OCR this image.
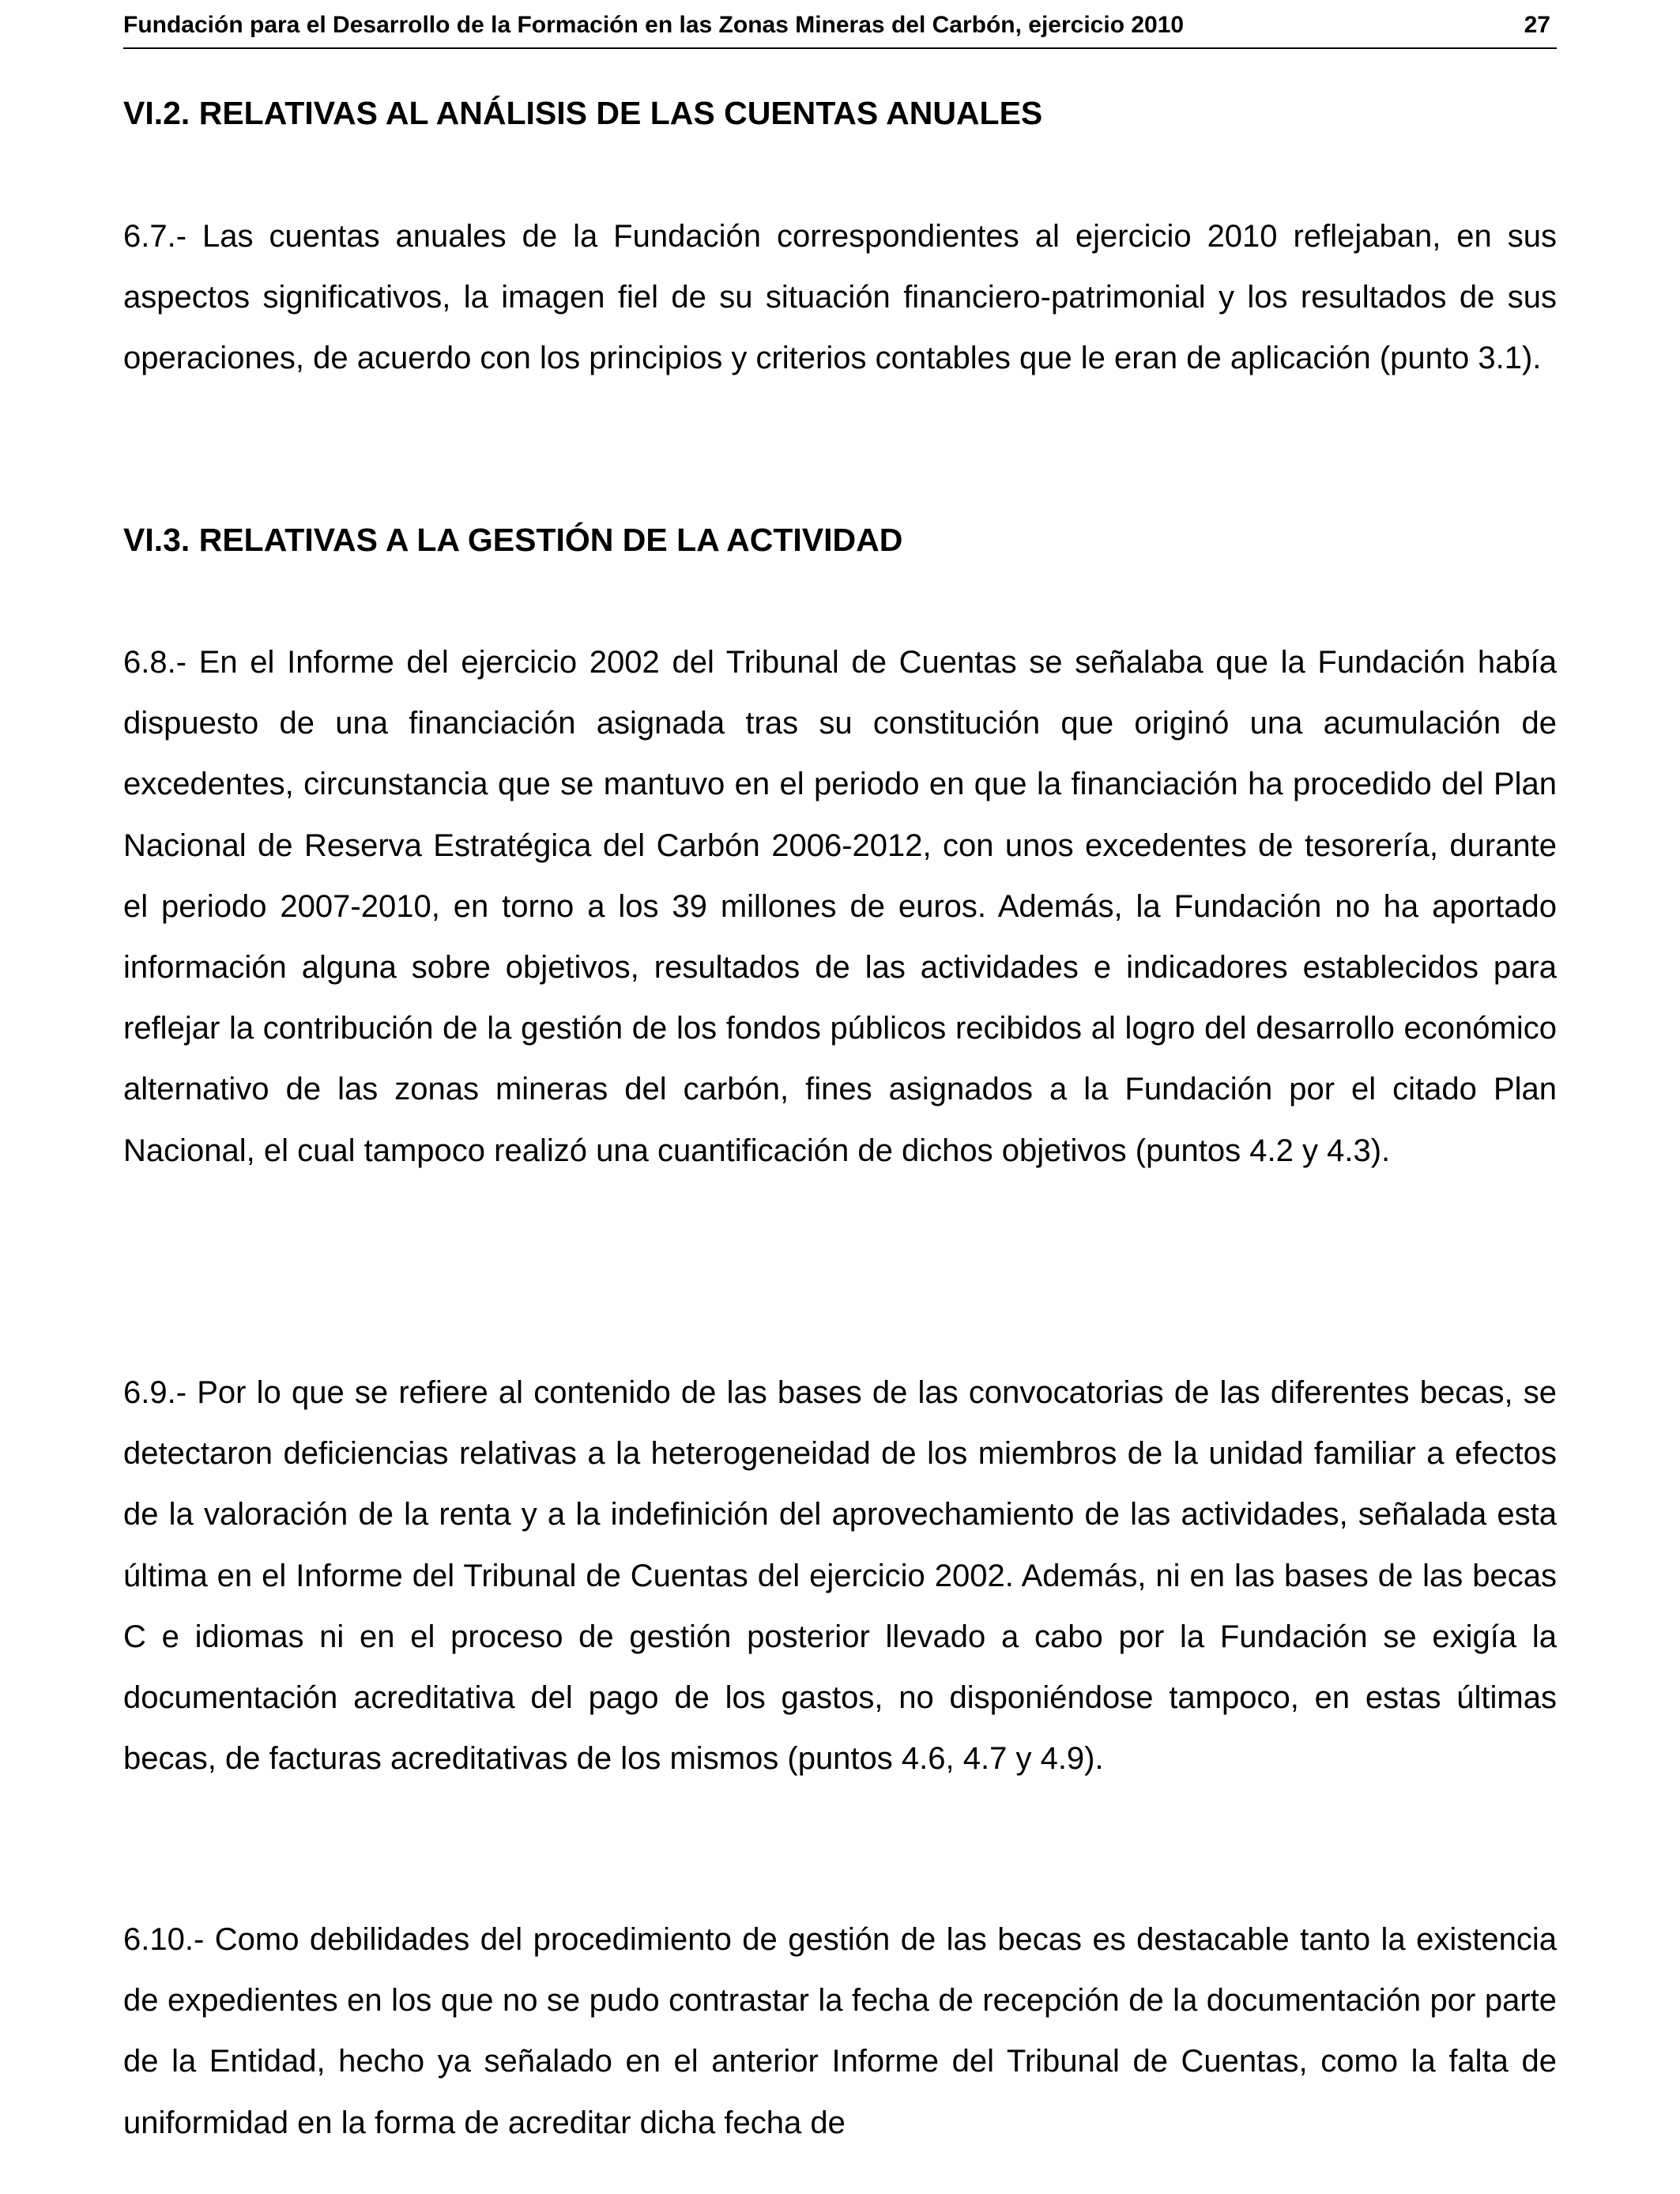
Fundación para el Desarrollo de la Formación en las Zonas Mineras del Carbón, ejercicio 2010	27
VI.2. RELATIVAS AL ANÁLISIS DE LAS CUENTAS ANUALES

6.7.- Las cuentas anuales de la Fundación correspondientes al ejercicio 2010 reflejaban, en sus aspectos significativos, la imagen fiel de su situación financiero-patrimonial y los resultados de sus operaciones, de acuerdo con los principios y criterios contables que le eran de aplicación (punto 3.1).

VI.3. RELATIVAS A LA GESTIÓN DE LA ACTIVIDAD

6.8.- En el Informe del ejercicio 2002 del Tribunal de Cuentas se señalaba que la Fundación había dispuesto de una financiación asignada tras su constitución que originó una acumulación de excedentes, circunstancia que se mantuvo en el periodo en que la financiación ha procedido del Plan Nacional de Reserva Estratégica del Carbón 2006-2012, con unos excedentes de tesorería, durante el periodo 2007-2010, en torno a los 39 millones de euros. Además, la Fundación no ha aportado información alguna sobre objetivos, resultados de las actividades e indicadores establecidos para reflejar la contribución de la gestión de los fondos públicos recibidos al logro del desarrollo económico alternativo de las zonas mineras del carbón, fines asignados a la Fundación por el citado Plan Nacional, el cual tampoco realizó una cuantificación de dichos objetivos (puntos 4.2 y 4.3).

6.9.- Por lo que se refiere al contenido de las bases de las convocatorias de las diferentes becas, se detectaron deficiencias relativas a la heterogeneidad de los miembros de la unidad familiar a efectos de la valoración de la renta y a la indefinición del aprovechamiento de las actividades, señalada esta última en el Informe del Tribunal de Cuentas del ejercicio 2002. Además, ni en las bases de las becas C e idiomas ni en el proceso de gestión posterior llevado a cabo por la Fundación se exigía la documentación acreditativa del pago de los gastos, no disponiéndose tampoco, en estas últimas becas, de facturas acreditativas de los mismos (puntos 4.6, 4.7 y 4.9).

6.10.- Como debilidades del procedimiento de gestión de las becas es destacable tanto la existencia de expedientes en los que no se pudo contrastar la fecha de recepción de la documentación por parte de la Entidad, hecho ya señalado en el anterior Informe del Tribunal de Cuentas, como la falta de uniformidad en la forma de acreditar dicha fecha de
